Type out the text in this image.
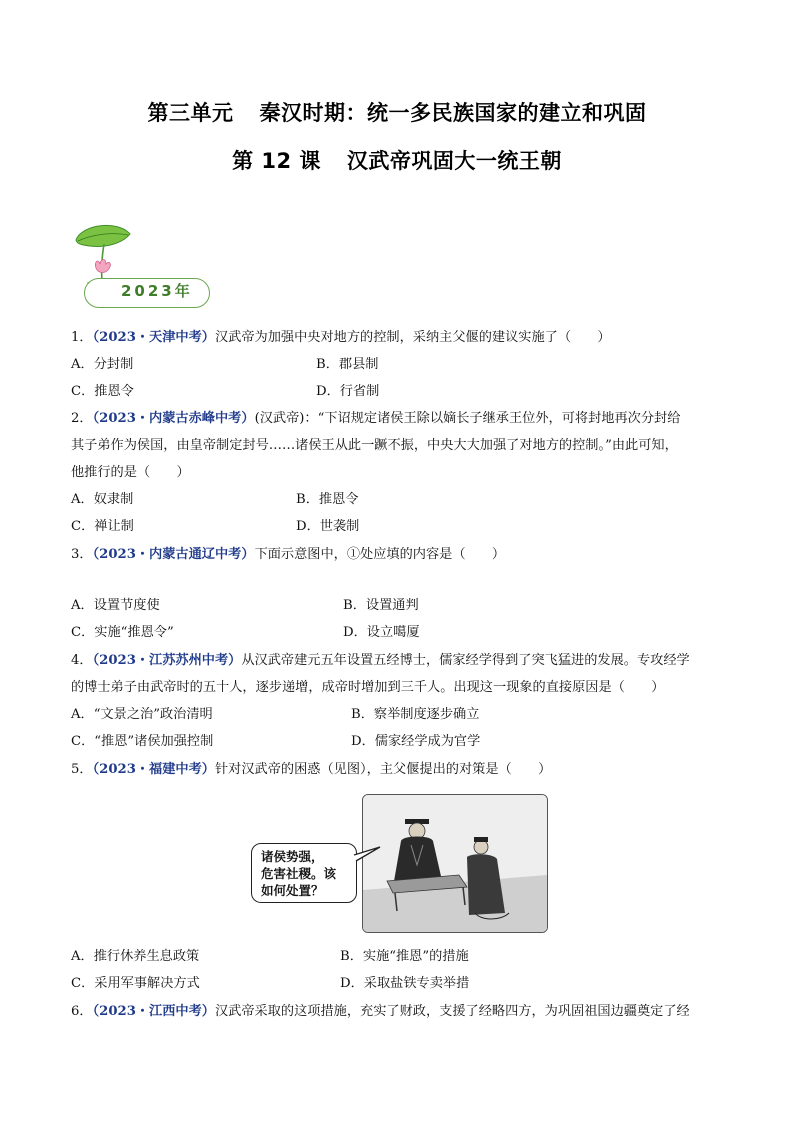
第三单元 秦汉时期：统一多民族国家的建立和巩固
第 12 课 汉武帝巩固大一统王朝
2023年
1．（2023・天津中考）汉武帝为加强中央对地方的控制，采纳主父偃的建议实施了（　　）
A．分封制	B．郡县制
C．推恩令	D．行省制
2．（2023・内蒙古赤峰中考）(汉武帝)：“下诏规定诸侯王除以嫡长子继承王位外，可将封地再次分封给
其子弟作为侯国，由皇帝制定封号……诸侯王从此一蹶不振，中央大大加强了对地方的控制。”由此可知，
他推行的是（　　）
A．奴隶制	B．推恩令
C．禅让制	D．世袭制
3．（2023・内蒙古通辽中考）下面示意图中，①处应填的内容是（　　）
A．设置节度使	B．设置通判
C．实施“推恩令”	D．设立噶厦
4．（2023・江苏苏州中考）从汉武帝建元五年设置五经博士，儒家经学得到了突飞猛进的发展。专攻经学
的博士弟子由武帝时的五十人，逐步递增，成帝时增加到三千人。出现这一现象的直接原因是（　　）
A．“文景之治”政治清明	B．察举制度逐步确立
C．“推恩”诸侯加强控制	D．儒家经学成为官学
5．（2023・福建中考）针对汉武帝的困惑（见图），主父偃提出的对策是（　　）
诸侯势强，
危害社稷。该
如何处置？
A．推行休养生息政策	B．实施“推恩”的措施
C．采用军事解决方式	D．采取盐铁专卖举措
6．（2023・江西中考）汉武帝采取的这项措施，充实了财政，支援了经略四方，为巩固祖国边疆奠定了经
